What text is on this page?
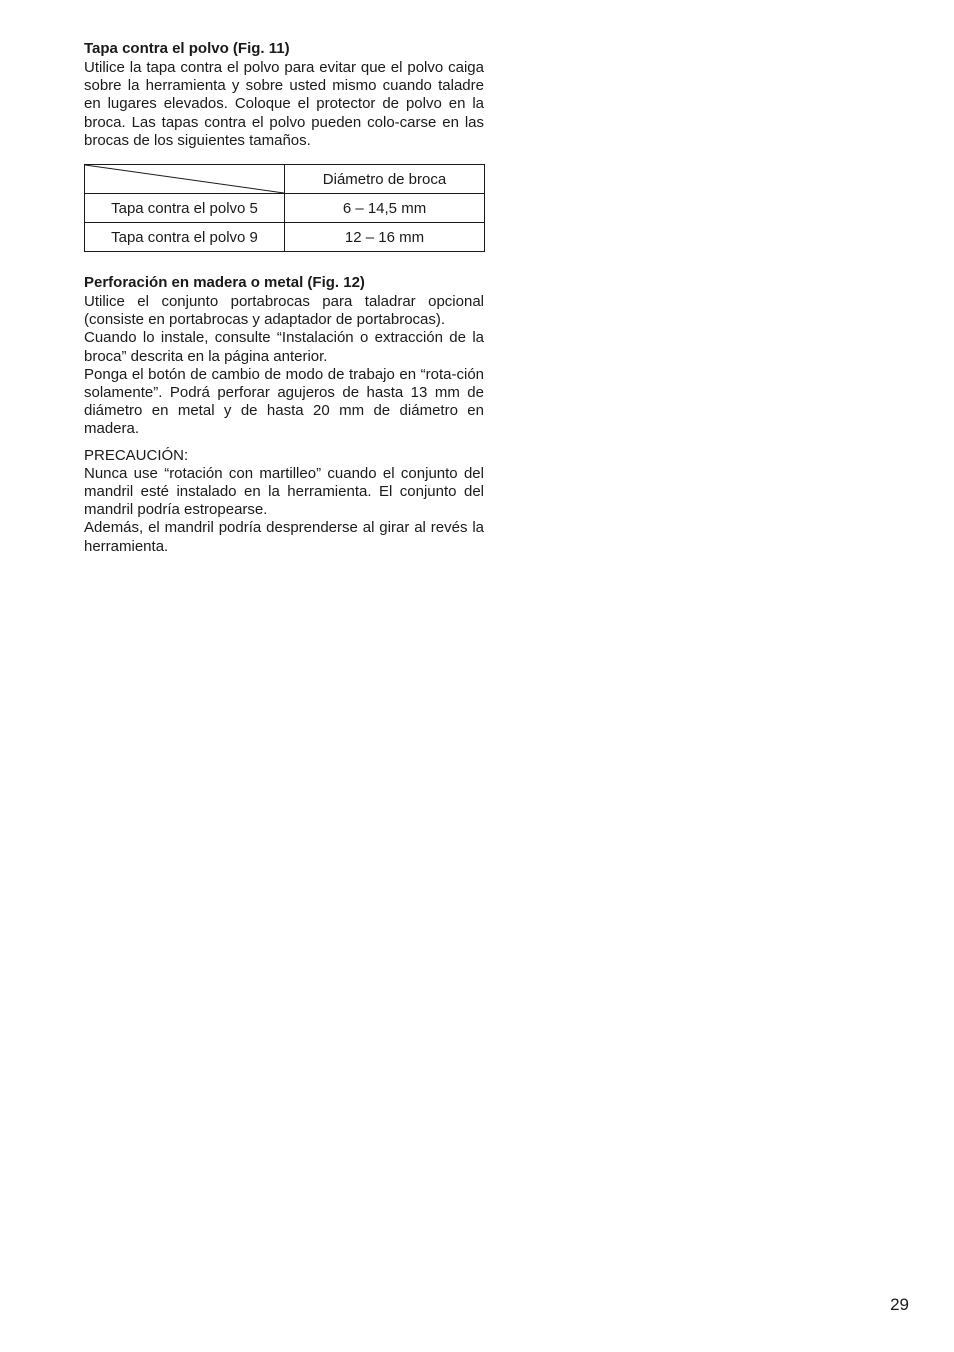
Tapa contra el polvo (Fig. 11)

Utilice la tapa contra el polvo para evitar que el polvo caiga sobre la herramienta y sobre usted mismo cuando taladre en lugares elevados. Coloque el protector de polvo en la broca. Las tapas contra el polvo pueden colo-carse en las brocas de los siguientes tamaños.

	Diámetro de broca
Tapa contra el polvo 5	6 – 14,5 mm
Tapa contra el polvo 9	12 – 16 mm
Perforación en madera o metal (Fig. 12)

Utilice el conjunto portabrocas para taladrar opcional (consiste en portabrocas y adaptador de portabrocas).

Cuando lo instale, consulte “Instalación o extracción de la broca” descrita en la página anterior.

Ponga el botón de cambio de modo de trabajo en “rota-ción solamente”. Podrá perforar agujeros de hasta 13 mm de diámetro en metal y de hasta 20 mm de diámetro en madera.

PRECAUCIÓN:

Nunca use “rotación con martilleo” cuando el conjunto del mandril esté instalado en la herramienta. El conjunto del mandril podría estropearse.

Además, el mandril podría desprenderse al girar al revés la herramienta.

29
